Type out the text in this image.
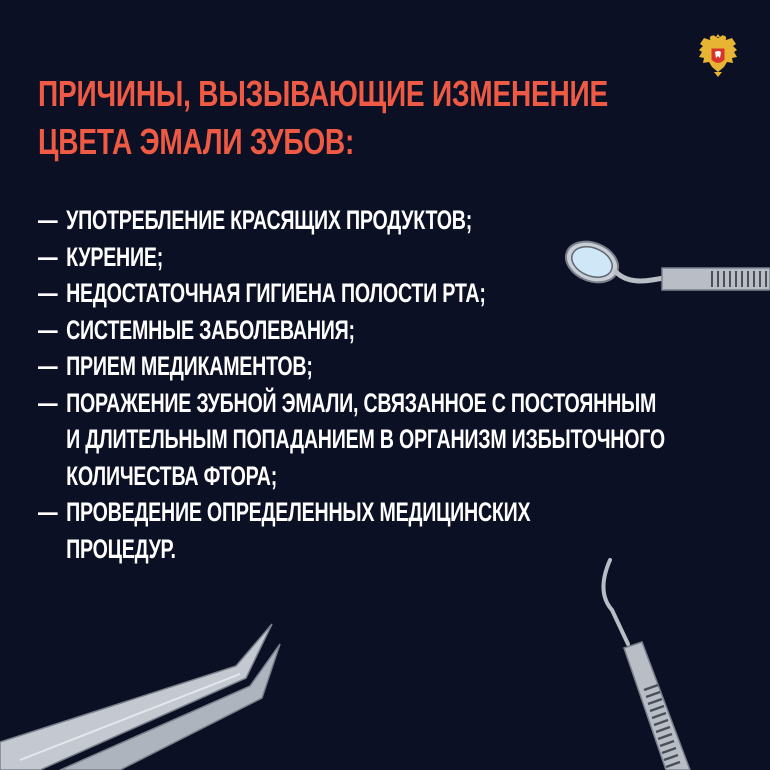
ПРИЧИНЫ, ВЫЗЫВАЮЩИЕ ИЗМЕНЕНИЕ
ЦВЕТА ЭМАЛИ ЗУБОВ:
— УПОТРЕБЛЕНИЕ КРАСЯЩИХ ПРОДУКТОВ;
— КУРЕНИЕ;
— НЕДОСТАТОЧНАЯ ГИГИЕНА ПОЛОСТИ РТА;
— СИСТЕМНЫЕ ЗАБОЛЕВАНИЯ;
— ПРИЕМ МЕДИКАМЕНТОВ;
— ПОРАЖЕНИЕ ЗУБНОЙ ЭМАЛИ, СВЯЗАННОЕ С ПОСТОЯННЫМ
И ДЛИТЕЛЬНЫМ ПОПАДАНИЕМ В ОРГАНИЗМ ИЗБЫТОЧНОГО
КОЛИЧЕСТВА ФТОРА;
— ПРОВЕДЕНИЕ ОПРЕДЕЛЕННЫХ МЕДИЦИНСКИХ
ПРОЦЕДУР.
